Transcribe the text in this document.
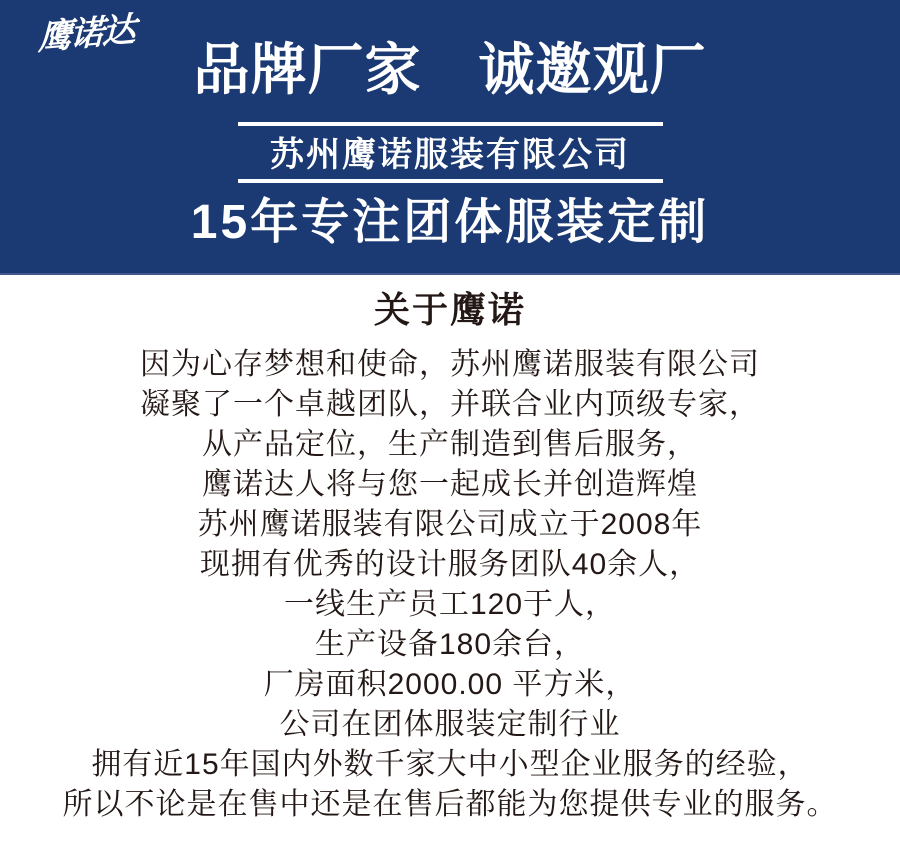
鹰诺达
品牌厂家　诚邀观厂
苏州鹰诺服装有限公司
15年专注团体服装定制
关于鹰诺
因为心存梦想和使命，苏州鹰诺服装有限公司
凝聚了一个卓越团队，并联合业内顶级专家，
从产品定位，生产制造到售后服务，
鹰诺达人将与您一起成长并创造辉煌
苏州鹰诺服装有限公司成立于2008年
现拥有优秀的设计服务团队40余人，
一线生产员工120于人，
生产设备180余台，
厂房面积2000.00 平方米，
公司在团体服装定制行业
拥有近15年国内外数千家大中小型企业服务的经验，
所以不论是在售中还是在售后都能为您提供专业的服务。
